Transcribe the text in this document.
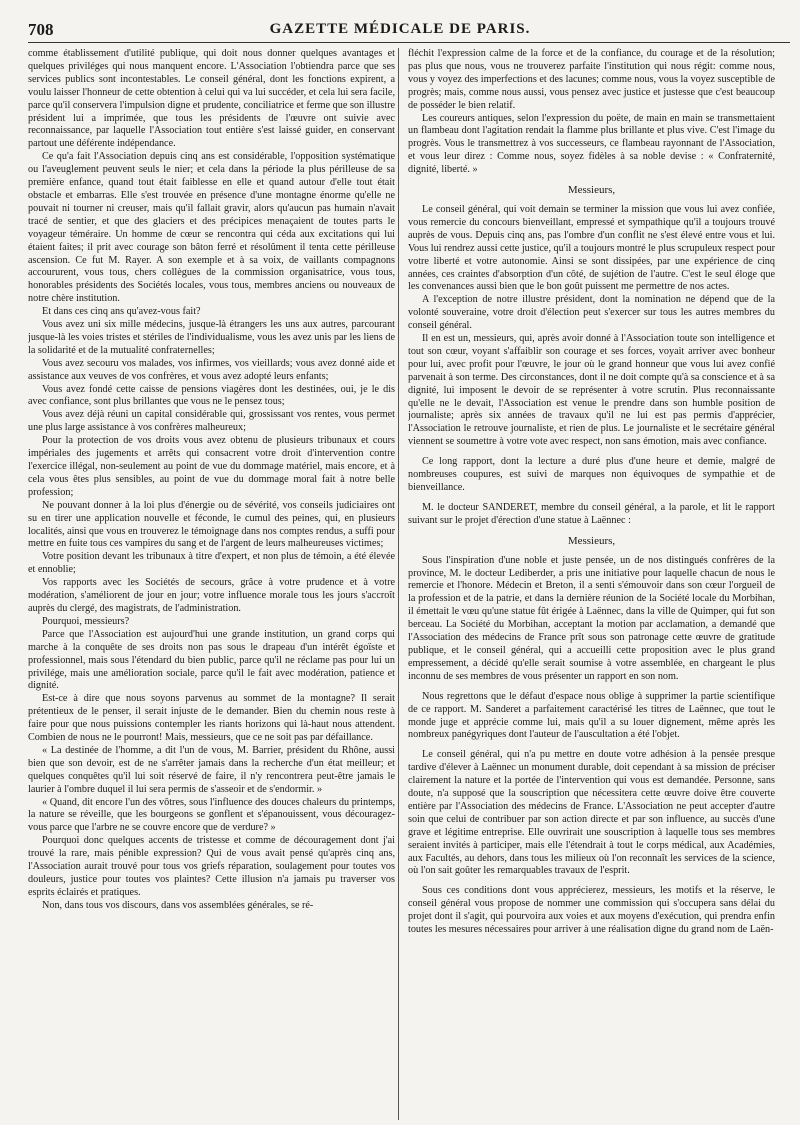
708	GAZETTE MÉDICALE DE PARIS.

comme établissement d'utilité publique, qui doit nous donner quelques avantages et quelques priviléges qui nous manquent encore. L'Association l'obtiendra parce que ses services publics sont incontestables. Le conseil général, dont les fonctions expirent, a voulu laisser l'honneur de cette obtention à celui qui va lui succéder, et cela lui sera facile, parce qu'il conservera l'impulsion digne et prudente, conciliatrice et ferme que son illustre président lui a imprimée, que tous les présidents de l'œuvre ont suivie avec reconnaissance, par laquelle l'Association tout entière s'est laissé guider, en conservant partout une déférente indépendance.

Ce qu'a fait l'Association depuis cinq ans est considérable, l'opposition systématique ou l'aveuglement peuvent seuls le nier; et cela dans la période la plus périlleuse de sa première enfance, quand tout était faiblesse en elle et quand autour d'elle tout était obstacle et embarras. Elle s'est trouvée en présence d'une montagne énorme qu'elle ne pouvait ni tourner ni creuser, mais qu'il fallait gravir, alors qu'aucun pas humain n'avait tracé de sentier, et que des glaciers et des précipices menaçaient de toutes parts le voyageur téméraire. Un homme de cœur se rencontra qui céda aux excitations qui lui étaient faites; il prit avec courage son bâton ferré et résolûment il tenta cette périlleuse ascension. Ce fut M. Rayer. A son exemple et à sa voix, de vaillants compagnons accoururent, vous tous, chers collègues de la commission organisatrice, vous tous, honorables présidents des Sociétés locales, vous tous, membres anciens ou nouveaux de notre chère institution.

Et dans ces cinq ans qu'avez-vous fait?

Vous avez uni six mille médecins, jusque-là étrangers les uns aux autres, parcourant jusque-là les voies tristes et stériles de l'individualisme, vous les avez unis par les liens de la solidarité et de la mutualité confraternelles;

Vous avez secouru vos malades, vos infirmes, vos vieillards; vous avez donné aide et assistance aux veuves de vos confrères, et vous avez adopté leurs enfants;

Vous avez fondé cette caisse de pensions viagères dont les destinées, oui, je le dis avec confiance, sont plus brillantes que vous ne le pensez tous;

Vous avez déjà réuni un capital considérable qui, grossissant vos rentes, vous permet une plus large assistance à vos confrères malheureux;

Pour la protection de vos droits vous avez obtenu de plusieurs tribunaux et cours impériales des jugements et arrêts qui consacrent votre droit d'intervention contre l'exercice illégal, non-seulement au point de vue du dommage matériel, mais encore, et à cela vous êtes plus sensibles, au point de vue du dommage moral fait à notre belle profession;

Ne pouvant donner à la loi plus d'énergie ou de sévérité, vos conseils judiciaires ont su en tirer une application nouvelle et féconde, le cumul des peines, qui, en plusieurs localités, ainsi que vous en trouverez le témoignage dans nos comptes rendus, a suffi pour mettre en fuite tous ces vampires du sang et de l'argent de leurs malheureuses victimes;

Votre position devant les tribunaux à titre d'expert, et non plus de témoin, a été élevée et ennoblie;

Vos rapports avec les Sociétés de secours, grâce à votre prudence et à votre modération, s'améliorent de jour en jour; votre influence morale tous les jours s'accroît auprès du clergé, des magistrats, de l'administration.

Pourquoi, messieurs?

Parce que l'Association est aujourd'hui une grande institution, un grand corps qui marche à la conquête de ses droits non pas sous le drapeau d'un intérêt égoïste et professionnel, mais sous l'étendard du bien public, parce qu'il ne réclame pas pour lui un privilége, mais une amélioration sociale, parce qu'il le fait avec modération, patience et dignité.

Est-ce à dire que nous soyons parvenus au sommet de la montagne? Il serait prétentieux de le penser, il serait injuste de le demander. Bien du chemin nous reste à faire pour que nous puissions contempler les riants horizons qui là-haut nous attendent. Combien de nous ne le pourront! Mais, messieurs, que ce ne soit pas par défaillance.

« La destinée de l'homme, a dit l'un de vous, M. Barrier, président du Rhône, aussi bien que son devoir, est de ne s'arrêter jamais dans la recherche d'un état meilleur; et quelques conquêtes qu'il lui soit réservé de faire, il n'y rencontrera peut-être jamais le laurier à l'ombre duquel il lui sera permis de s'asseoir et de s'endormir. »

« Quand, dit encore l'un des vôtres, sous l'influence des douces chaleurs du printemps, la nature se réveille, que les bourgeons se gonflent et s'épanouissent, vous découragez-vous parce que l'arbre ne se couvre encore que de verdure? »

Pourquoi donc quelques accents de tristesse et comme de découragement dont j'ai trouvé la rare, mais pénible expression? Qui de vous avait pensé qu'après cinq ans, l'Association aurait trouvé pour tous vos griefs réparation, soulagement pour toutes vos douleurs, justice pour toutes vos plaintes? Cette illusion n'a jamais pu traverser vos esprits éclairés et pratiques.

Non, dans tous vos discours, dans vos assemblées générales, se ré-

fléchit l'expression calme de la force et de la confiance, du courage et de la résolution; pas plus que nous, vous ne trouverez parfaite l'institution qui nous régit: comme nous, vous y voyez des imperfections et des lacunes; comme nous, vous la voyez susceptible de progrès; mais, comme nous aussi, vous pensez avec justice et justesse que c'est beaucoup de posséder le bien relatif.

Les coureurs antiques, selon l'expression du poëte, de main en main se transmettaient un flambeau dont l'agitation rendait la flamme plus brillante et plus vive. C'est l'image du progrès. Vous le transmettrez à vos successeurs, ce flambeau rayonnant de l'Association, et vous leur direz : Comme nous, soyez fidèles à sa noble devise : « Confraternité, dignité, liberté. »

Messieurs,

Le conseil général, qui voit demain se terminer la mission que vous lui avez confiée, vous remercie du concours bienveillant, empressé et sympathique qu'il a toujours trouvé auprès de vous. Depuis cinq ans, pas l'ombre d'un conflit ne s'est élevé entre vous et lui. Vous lui rendrez aussi cette justice, qu'il a toujours montré le plus scrupuleux respect pour votre liberté et votre autonomie. Ainsi se sont dissipées, par une expérience de cinq années, ces craintes d'absorption d'un côté, de sujétion de l'autre. C'est le seul éloge que les convenances aussi bien que le bon goût puissent me permettre de nos actes.

A l'exception de notre illustre président, dont la nomination ne dépend que de la volonté souveraine, votre droit d'élection peut s'exercer sur tous les autres membres du conseil général.

Il en est un, messieurs, qui, après avoir donné à l'Association toute son intelligence et tout son cœur, voyant s'affaiblir son courage et ses forces, voyait arriver avec bonheur pour lui, avec profit pour l'œuvre, le jour où le grand honneur que vous lui avez confié parvenait à son terme. Des circonstances, dont il ne doit compte qu'à sa conscience et à sa dignité, lui imposent le devoir de se représenter à votre scrutin. Plus reconnaissante qu'elle ne le devait, l'Association est venue le prendre dans son humble position de journaliste; après six années de travaux qu'il ne lui est pas permis d'apprécier, l'Association le retrouve journaliste, et rien de plus. Le journaliste et le secrétaire général viennent se soumettre à votre vote avec respect, non sans émotion, mais avec confiance.

Ce long rapport, dont la lecture a duré plus d'une heure et demie, malgré de nombreuses coupures, est suivi de marques non équivoques de sympathie et de bienveillance.

M. le docteur SANDERET, membre du conseil général, a la parole, et lit le rapport suivant sur le projet d'érection d'une statue à Laënnec :

Messieurs,

Sous l'inspiration d'une noble et juste pensée, un de nos distingués confrères de la province, M. le docteur Lediberder, a pris une initiative pour laquelle chacun de nous le remercie et l'honore. Médecin et Breton, il a senti s'émouvoir dans son cœur l'orgueil de la profession et de la patrie, et dans la dernière réunion de la Société locale du Morbihan, il émettait le vœu qu'une statue fût érigée à Laënnec, dans la ville de Quimper, qui fut son berceau. La Société du Morbihan, acceptant la motion par acclamation, a demandé que l'Association des médecins de France prît sous son patronage cette œuvre de gratitude publique, et le conseil général, qui a accueilli cette proposition avec le plus grand empressement, a décidé qu'elle serait soumise à votre assemblée, en chargeant le plus inconnu de ses membres de vous présenter un rapport en son nom.

Nous regrettons que le défaut d'espace nous oblige à supprimer la partie scientifique de ce rapport. M. Sanderet a parfaitement caractérisé les titres de Laënnec, que tout le monde juge et apprécie comme lui, mais qu'il a su louer dignement, même après les nombreux panégyriques dont l'auteur de l'auscultation a été l'objet.

Le conseil général, qui n'a pu mettre en doute votre adhésion à la pensée presque tardive d'élever à Laënnec un monument durable, doit cependant à sa mission de préciser clairement la nature et la portée de l'intervention qui vous est demandée. Personne, sans doute, n'a supposé que la souscription que nécessitera cette œuvre doive être couverte entière par l'Association des médecins de France. L'Association ne peut accepter d'autre soin que celui de contribuer par son action directe et par son influence, au succès d'une grave et légitime entreprise. Elle ouvrirait une souscription à laquelle tous ses membres seraient invités à participer, mais elle l'étendrait à tout le corps médical, aux Académies, aux Facultés, au dehors, dans tous les milieux où l'on reconnaît les services de la science, où l'on sait goûter les remarquables travaux de l'esprit.

Sous ces conditions dont vous apprécierez, messieurs, les motifs et la réserve, le conseil général vous propose de nommer une commission qui s'occupera sans délai du projet dont il s'agit, qui pourvoira aux voies et aux moyens d'exécution, qui prendra enfin toutes les mesures nécessaires pour arriver à une réalisation digne du grand nom de Laën-
